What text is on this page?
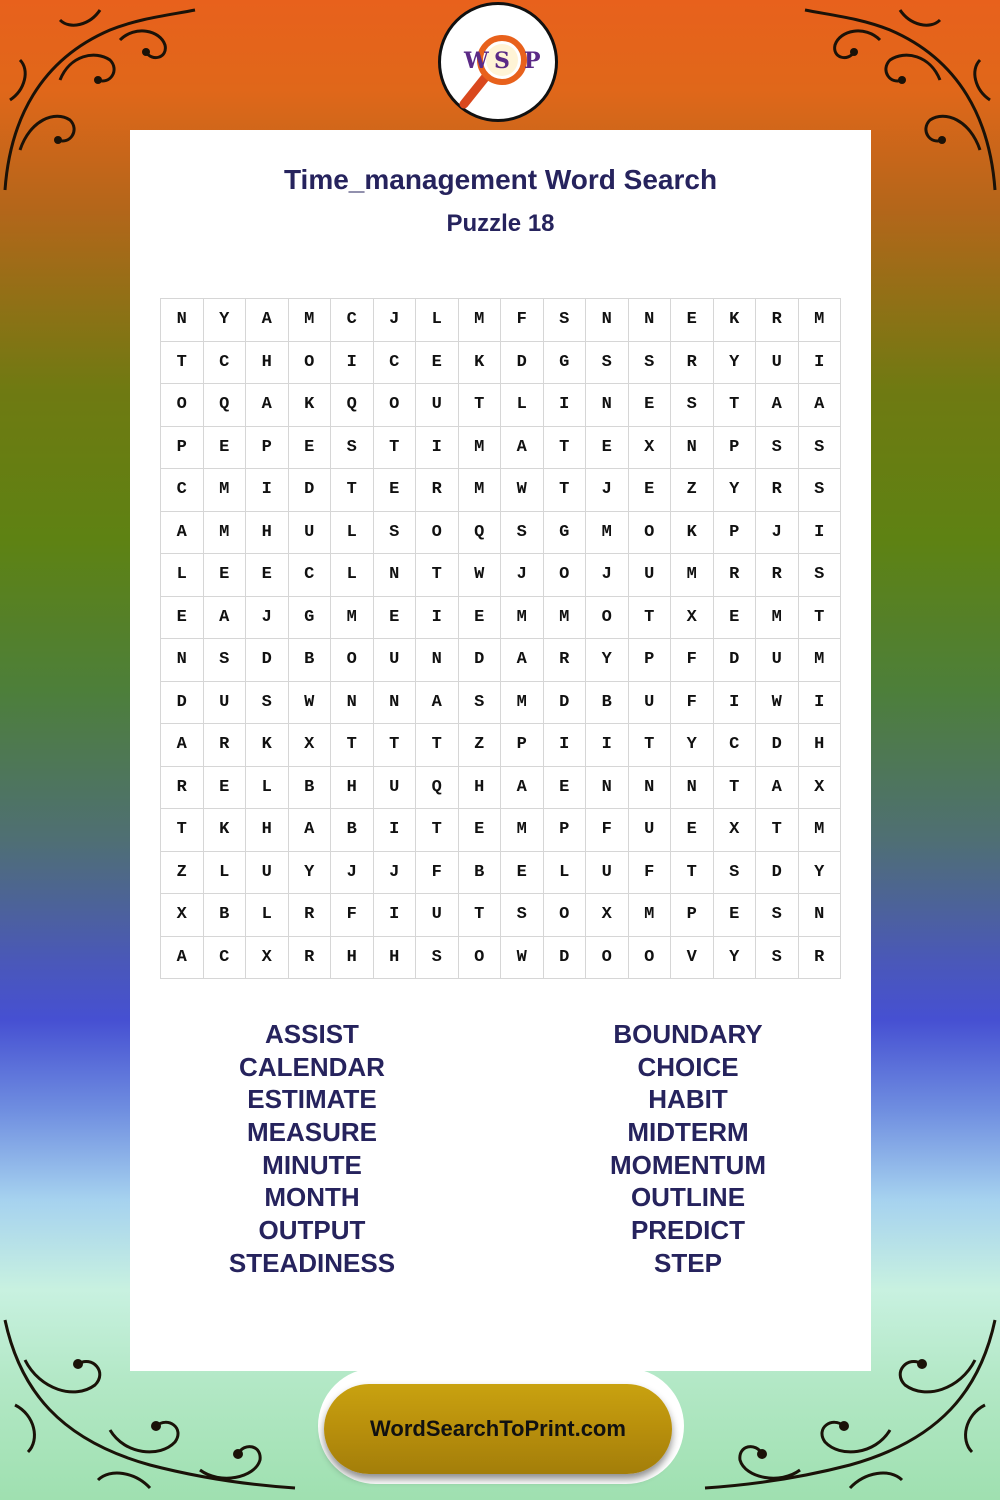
W S P
Time_management Word Search
Puzzle 18
N	Y	A	M	C	J	L	M	F	S	N	N	E	K	R	M
T	C	H	O	I	C	E	K	D	G	S	S	R	Y	U	I
O	Q	A	K	Q	O	U	T	L	I	N	E	S	T	A	A
P	E	P	E	S	T	I	M	A	T	E	X	N	P	S	S
C	M	I	D	T	E	R	M	W	T	J	E	Z	Y	R	S
A	M	H	U	L	S	O	Q	S	G	M	O	K	P	J	I
L	E	E	C	L	N	T	W	J	O	J	U	M	R	R	S
E	A	J	G	M	E	I	E	M	M	O	T	X	E	M	T
N	S	D	B	O	U	N	D	A	R	Y	P	F	D	U	M
D	U	S	W	N	N	A	S	M	D	B	U	F	I	W	I
A	R	K	X	T	T	T	Z	P	I	I	T	Y	C	D	H
R	E	L	B	H	U	Q	H	A	E	N	N	N	T	A	X
T	K	H	A	B	I	T	E	M	P	F	U	E	X	T	M
Z	L	U	Y	J	J	F	B	E	L	U	F	T	S	D	Y
X	B	L	R	F	I	U	T	S	O	X	M	P	E	S	N
A	C	X	R	H	H	S	O	W	D	O	O	V	Y	S	R
ASSIST
CALENDAR
ESTIMATE
MEASURE
MINUTE
MONTH
OUTPUT
STEADINESS
BOUNDARY
CHOICE
HABIT
MIDTERM
MOMENTUM
OUTLINE
PREDICT
STEP
WordSearchToPrint.com
